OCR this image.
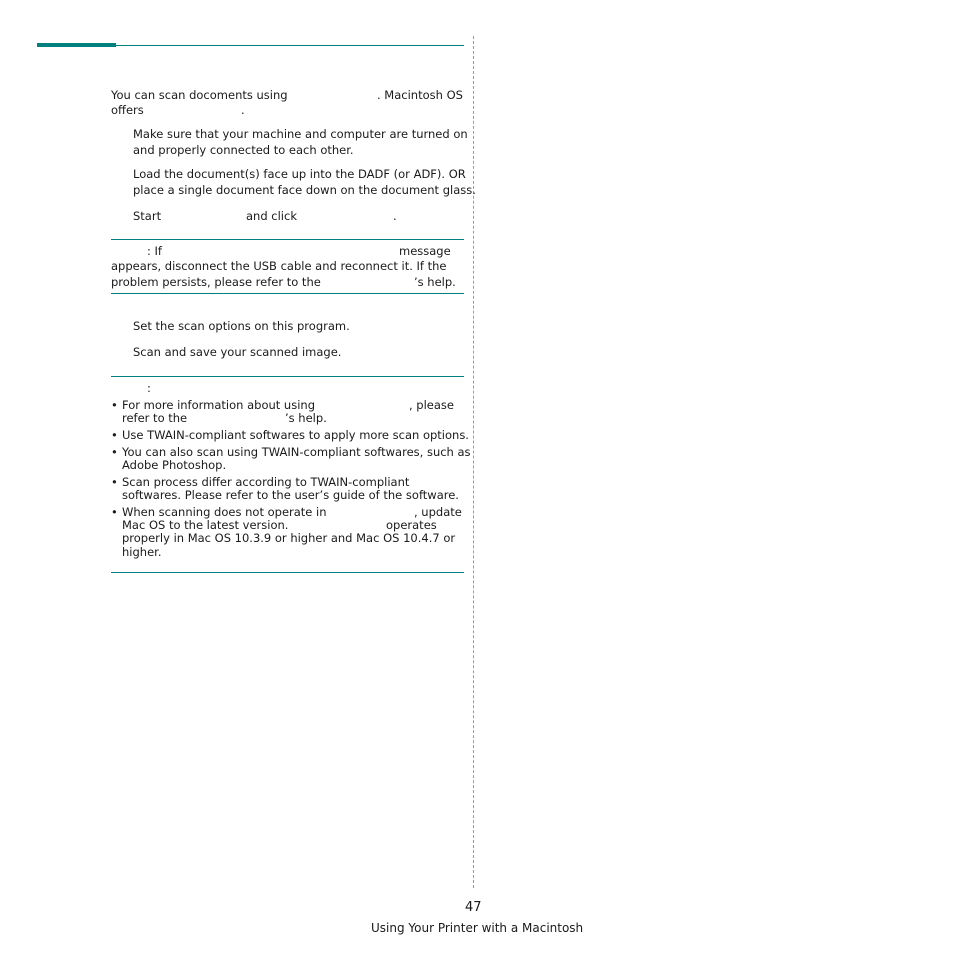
You can scan docoments using	. Macintosh OS
offers	.
Make sure that your machine and computer are turned on
and properly connected to each other.
Load the document(s) face up into the DADF (or ADF). OR
place a single document face down on the document glass.
Start	and click	.
: If	message
appears, disconnect the USB cable and reconnect it. If the
problem persists, please refer to the	’s help.
Set the scan options on this program.
Scan and save your scanned image.
:
• For more information about using	, please
refer to the	’s help.
• Use TWAIN-compliant softwares to apply more scan options.
• You can also scan using TWAIN-compliant softwares, such as
Adobe Photoshop.
• Scan process differ according to TWAIN-compliant
softwares. Please refer to the user’s guide of the software.
• When scanning does not operate in	, update
Mac OS to the latest version.	operates
properly in Mac OS 10.3.9 or higher and Mac OS 10.4.7 or
higher.
47
Using Your Printer with a Macintosh
